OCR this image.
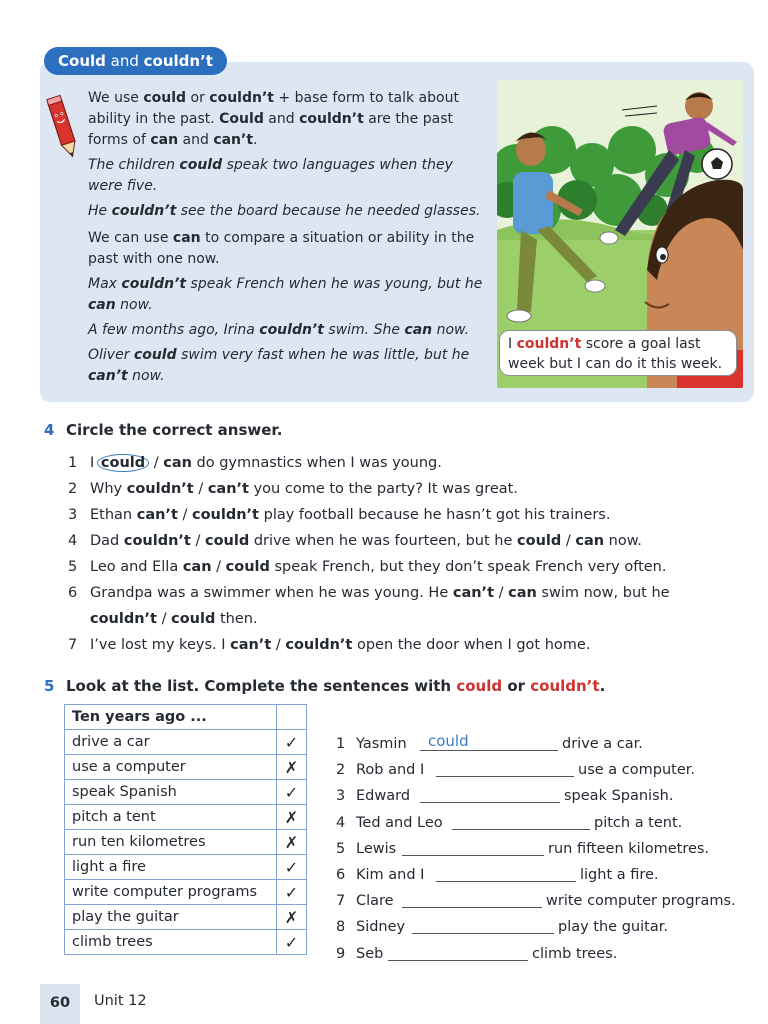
Could and couldn’t

We use could or couldn’t + base form to talk about ability in the past. Could and couldn’t are the past forms of can and can’t.

The children could speak two languages when they were five.

He couldn’t see the board because he needed glasses.

We can use can to compare a situation or ability in the past with one now.

Max couldn’t speak French when he was young, but he can now.

A few months ago, Irina couldn’t swim. She can now.

Oliver could swim very fast when he was little, but he can’t now.

I couldn’t score a goal last week but I can do it this week.
4 Circle the correct answer.
1 I could / can do gymnastics when I was young.
2 Why couldn’t / can’t you come to the party? It was great.
3 Ethan can’t / couldn’t play football because he hasn’t got his trainers.
4 Dad couldn’t / could drive when he was fourteen, but he could / can now.
5 Leo and Ella can / could speak French, but they don’t speak French very often.
6 Grandpa was a swimmer when he was young. He can’t / can swim now, but he couldn’t / could then.
7 I’ve lost my keys. I can’t / couldn’t open the door when I got home.
5 Look at the list. Complete the sentences with could or couldn’t.
Ten years ago ...	
drive a car	✓
use a computer	✗
speak Spanish	✓
pitch a tent	✗
run ten kilometres	✗
light a fire	✓
write computer programs	✓
play the guitar	✗
climb trees	✓
1 Yasmin could	drive a car.
2 Rob and I	use a computer.
3 Edward	speak Spanish.
4 Ted and Leo	pitch a tent.
5 Lewis	run fifteen kilometres.
6 Kim and I	light a fire.
7 Clare	write computer programs.
8 Sidney	play the guitar.
9 Seb	climb trees.
60	Unit 12
